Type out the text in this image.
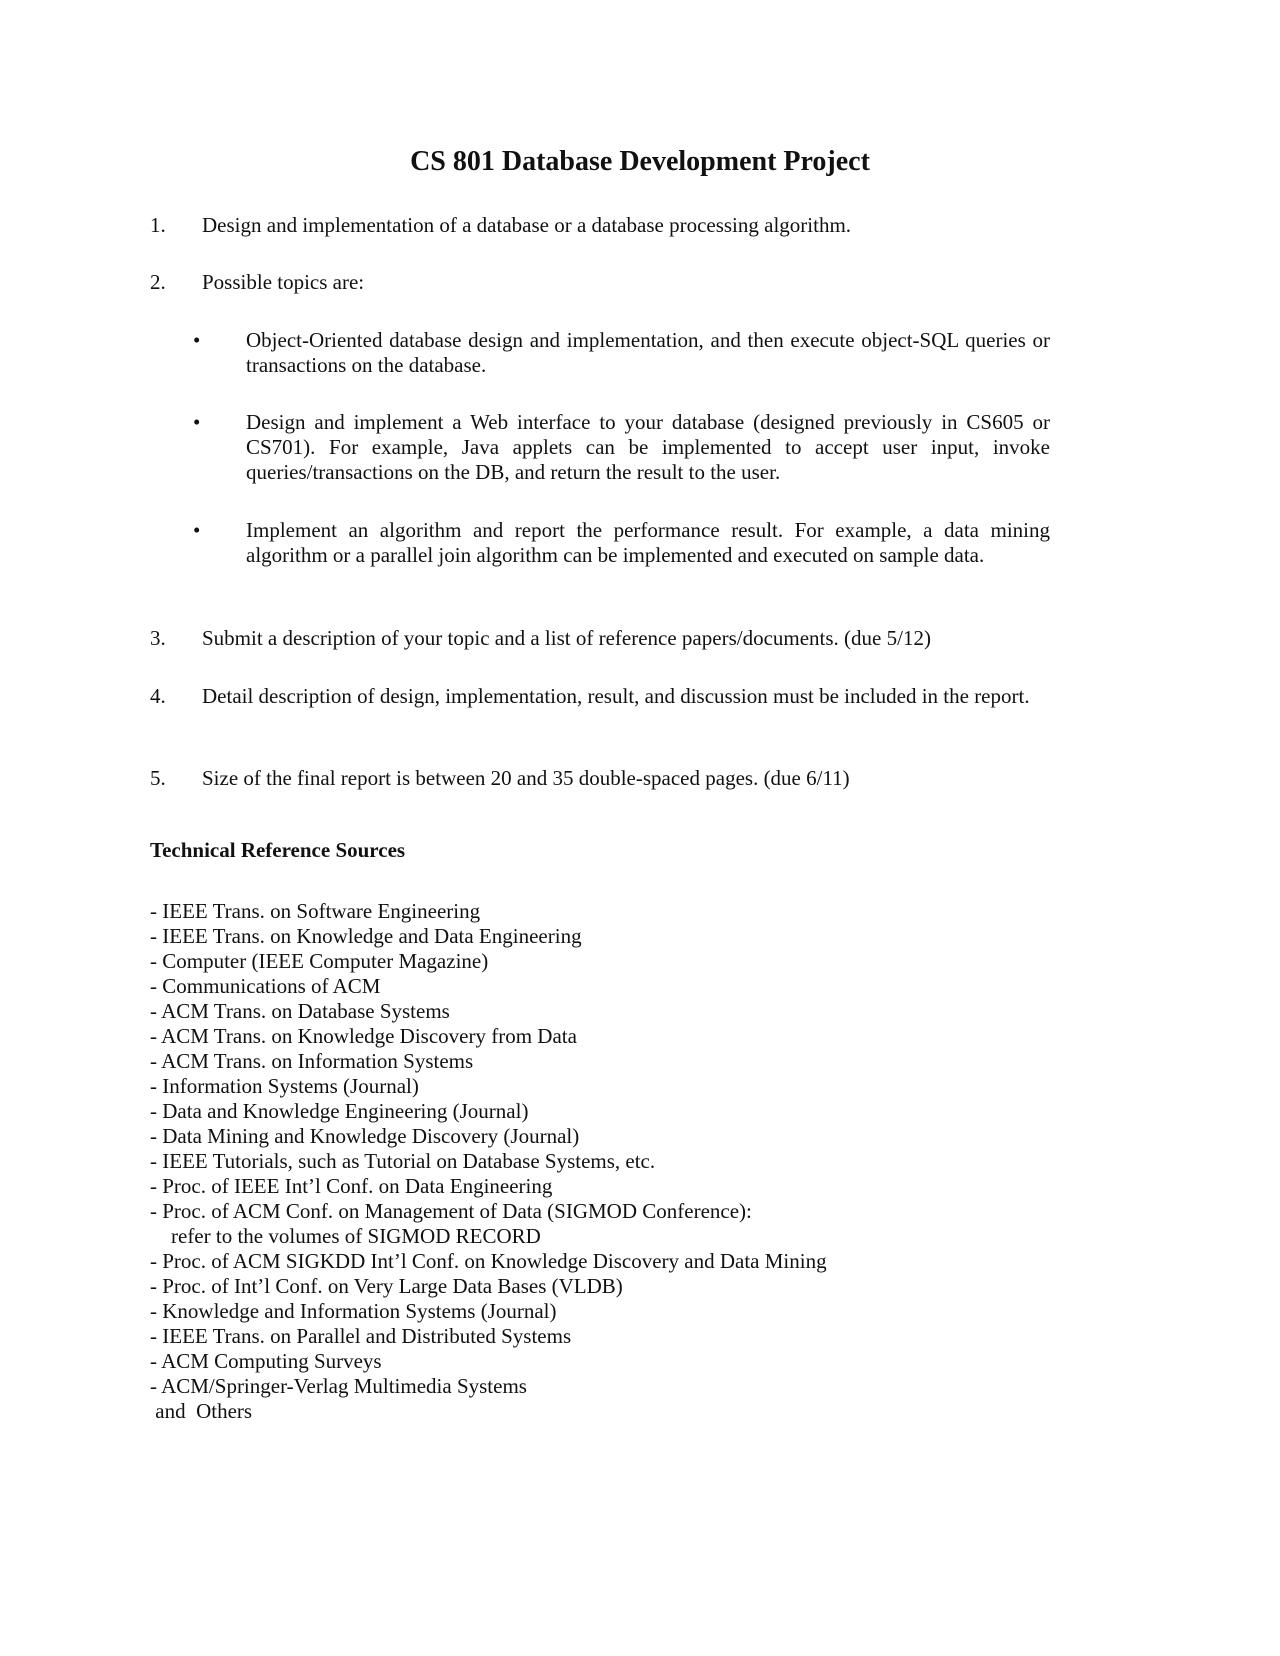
CS 801 Database Development Project
1. Design and implementation of a database or a database processing algorithm.
2. Possible topics are:
• Object-Oriented database design and implementation, and then execute object-SQL queries or transactions on the database.
• Design and implement a Web interface to your database (designed previously in CS605 or CS701). For example, Java applets can be implemented to accept user input, invoke queries/transactions on the DB, and return the result to the user.
• Implement an algorithm and report the performance result. For example, a data mining algorithm or a parallel join algorithm can be implemented and executed on sample data.
3. Submit a description of your topic and a list of reference papers/documents. (due 5/12)
4. Detail description of design, implementation, result, and discussion must be included in the report.
5. Size of the final report is between 20 and 35 double-spaced pages. (due 6/11)
Technical Reference Sources
- IEEE Trans. on Software Engineering
- IEEE Trans. on Knowledge and Data Engineering
- Computer (IEEE Computer Magazine)
- Communications of ACM
- ACM Trans. on Database Systems
- ACM Trans. on Knowledge Discovery from Data
- ACM Trans. on Information Systems
- Information Systems (Journal)
- Data and Knowledge Engineering (Journal)
- Data Mining and Knowledge Discovery (Journal)
- IEEE Tutorials, such as Tutorial on Database Systems, etc.
- Proc. of IEEE Int’l Conf. on Data Engineering
- Proc. of ACM Conf. on Management of Data (SIGMOD Conference):
refer to the volumes of SIGMOD RECORD
- Proc. of ACM SIGKDD Int’l Conf. on Knowledge Discovery and Data Mining
- Proc. of Int’l Conf. on Very Large Data Bases (VLDB)
- Knowledge and Information Systems (Journal)
- IEEE Trans. on Parallel and Distributed Systems
- ACM Computing Surveys
- ACM/Springer-Verlag Multimedia Systems
and  Others
